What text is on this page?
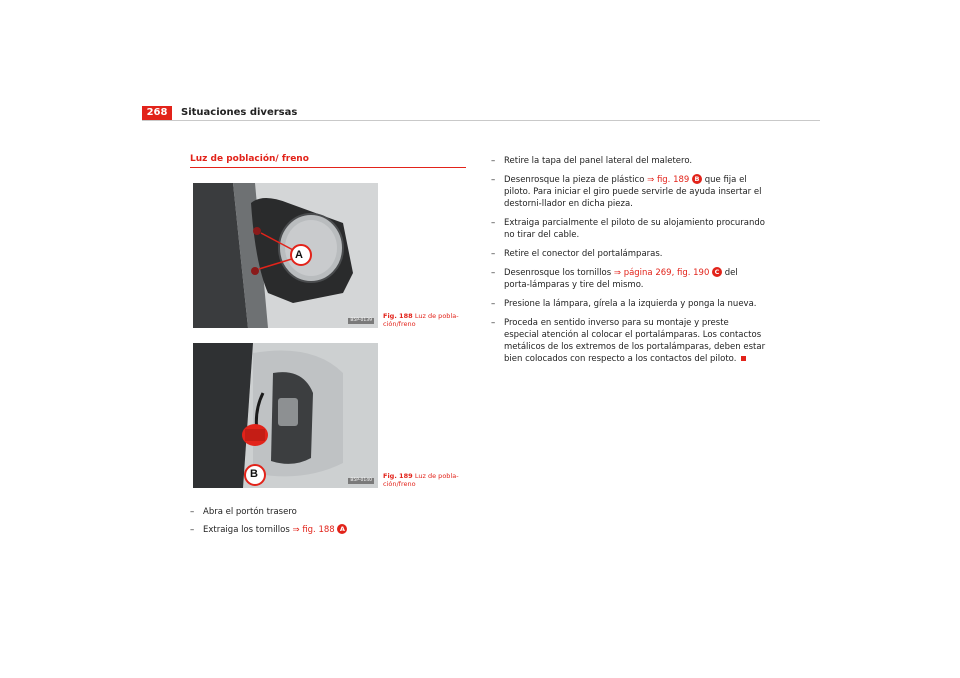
268	Situaciones diversas
Luz de población/ freno
A
B5P-0139
Fig. 188 Luz de pobla-ción/freno
B
B5P-0140
Fig. 189 Luz de pobla-ción/freno
–	Abra el portón trasero
–	Extraiga los tornillos ⇒ fig. 188 A
–	Retire la tapa del panel lateral del maletero.
–	Desenrosque la pieza de plástico ⇒ fig. 189 B que fija el piloto. Para iniciar el giro puede servirle de ayuda insertar el destorni-llador en dicha pieza.
–	Extraiga parcialmente el piloto de su alojamiento procurando no tirar del cable.
–	Retire el conector del portalámparas.
–	Desenrosque los tornillos ⇒ página 269, fig. 190 C del porta-lámparas y tire del mismo.
–	Presione la lámpara, gírela a la izquierda y ponga la nueva.
–	Proceda en sentido inverso para su montaje y preste especial atención al colocar el portalámparas. Los contactos metálicos de los extremos de los portalámparas, deben estar bien colocados con respecto a los contactos del piloto.
